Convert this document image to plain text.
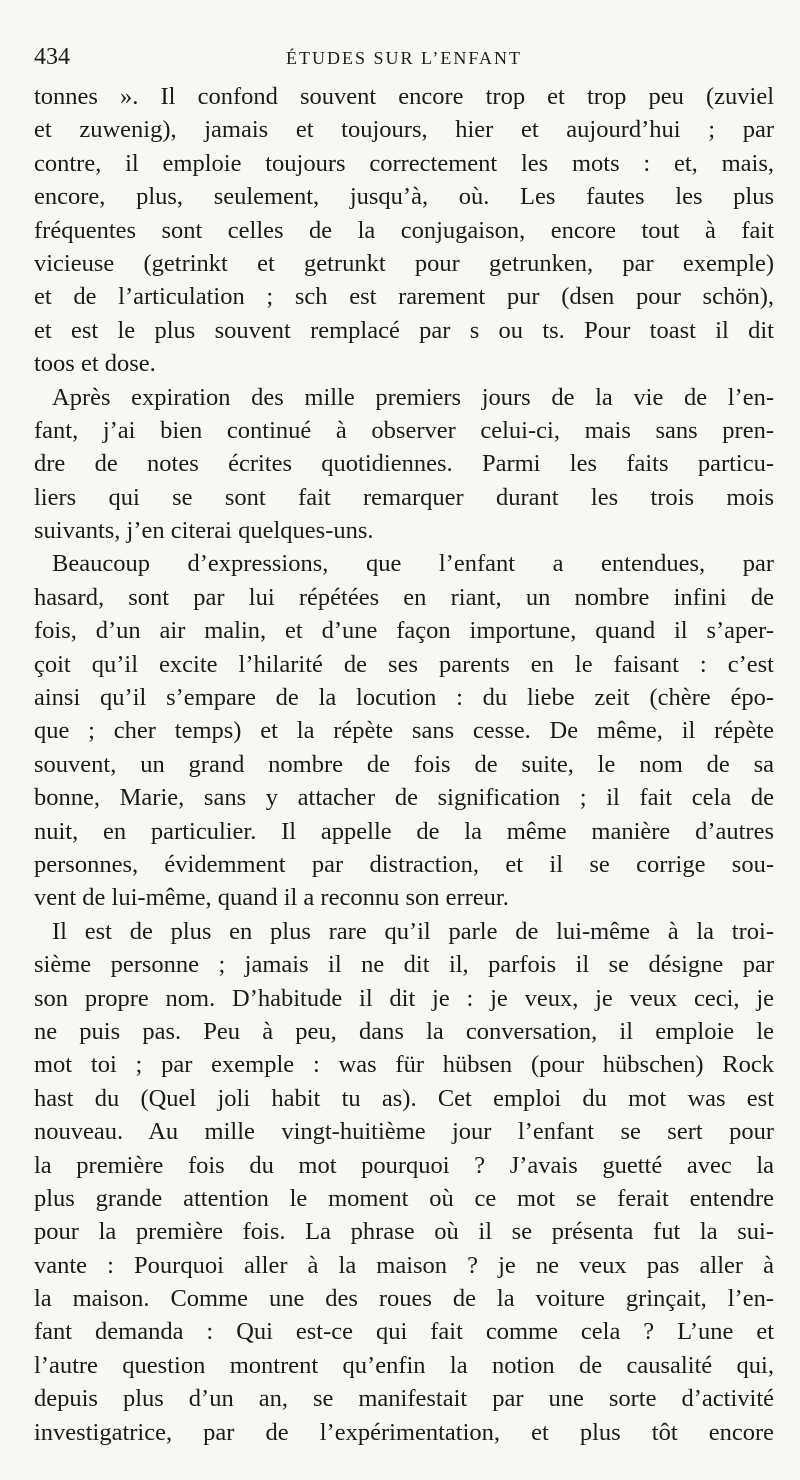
434	ÉTUDES SUR L’ENFANT
tonnes ». Il confond souvent encore trop et trop peu (zuviel
et zuwenig), jamais et toujours, hier et aujourd’hui ; par
contre, il emploie toujours correctement les mots : et, mais,
encore, plus, seulement, jusqu’à, où. Les fautes les plus
fréquentes sont celles de la conjugaison, encore tout à fait
vicieuse (getrinkt et getrunkt pour getrunken, par exemple)
et de l’articulation ; sch est rarement pur (dsen pour schön),
et est le plus souvent remplacé par s ou ts. Pour toast il dit
toos et dose.
Après expiration des mille premiers jours de la vie de l’en-
fant, j’ai bien continué à observer celui-ci, mais sans pren-
dre de notes écrites quotidiennes. Parmi les faits particu-
liers qui se sont fait remarquer durant les trois mois
suivants, j’en citerai quelques-uns.
Beaucoup d’expressions, que l’enfant a entendues, par
hasard, sont par lui répétées en riant, un nombre infini de
fois, d’un air malin, et d’une façon importune, quand il s’aper-
çoit qu’il excite l’hilarité de ses parents en le faisant : c’est
ainsi qu’il s’empare de la locution : du liebe zeit (chère épo-
que ; cher temps) et la répète sans cesse. De même, il répète
souvent, un grand nombre de fois de suite, le nom de sa
bonne, Marie, sans y attacher de signification ; il fait cela de
nuit, en particulier. Il appelle de la même manière d’autres
personnes, évidemment par distraction, et il se corrige sou-
vent de lui-même, quand il a reconnu son erreur.
Il est de plus en plus rare qu’il parle de lui-même à la troi-
sième personne ; jamais il ne dit il, parfois il se désigne par
son propre nom. D’habitude il dit je : je veux, je veux ceci, je
ne puis pas. Peu à peu, dans la conversation, il emploie le
mot toi ; par exemple : was für hübsen (pour hübschen) Rock
hast du (Quel joli habit tu as). Cet emploi du mot was est
nouveau. Au mille vingt-huitième jour l’enfant se sert pour
la première fois du mot pourquoi ? J’avais guetté avec la
plus grande attention le moment où ce mot se ferait entendre
pour la première fois. La phrase où il se présenta fut la sui-
vante : Pourquoi aller à la maison ? je ne veux pas aller à
la maison. Comme une des roues de la voiture grinçait, l’en-
fant demanda : Qui est-ce qui fait comme cela ? L’une et
l’autre question montrent qu’enfin la notion de causalité qui,
depuis plus d’un an, se manifestait par une sorte d’activité
investigatrice, par de l’expérimentation, et plus tôt encore
